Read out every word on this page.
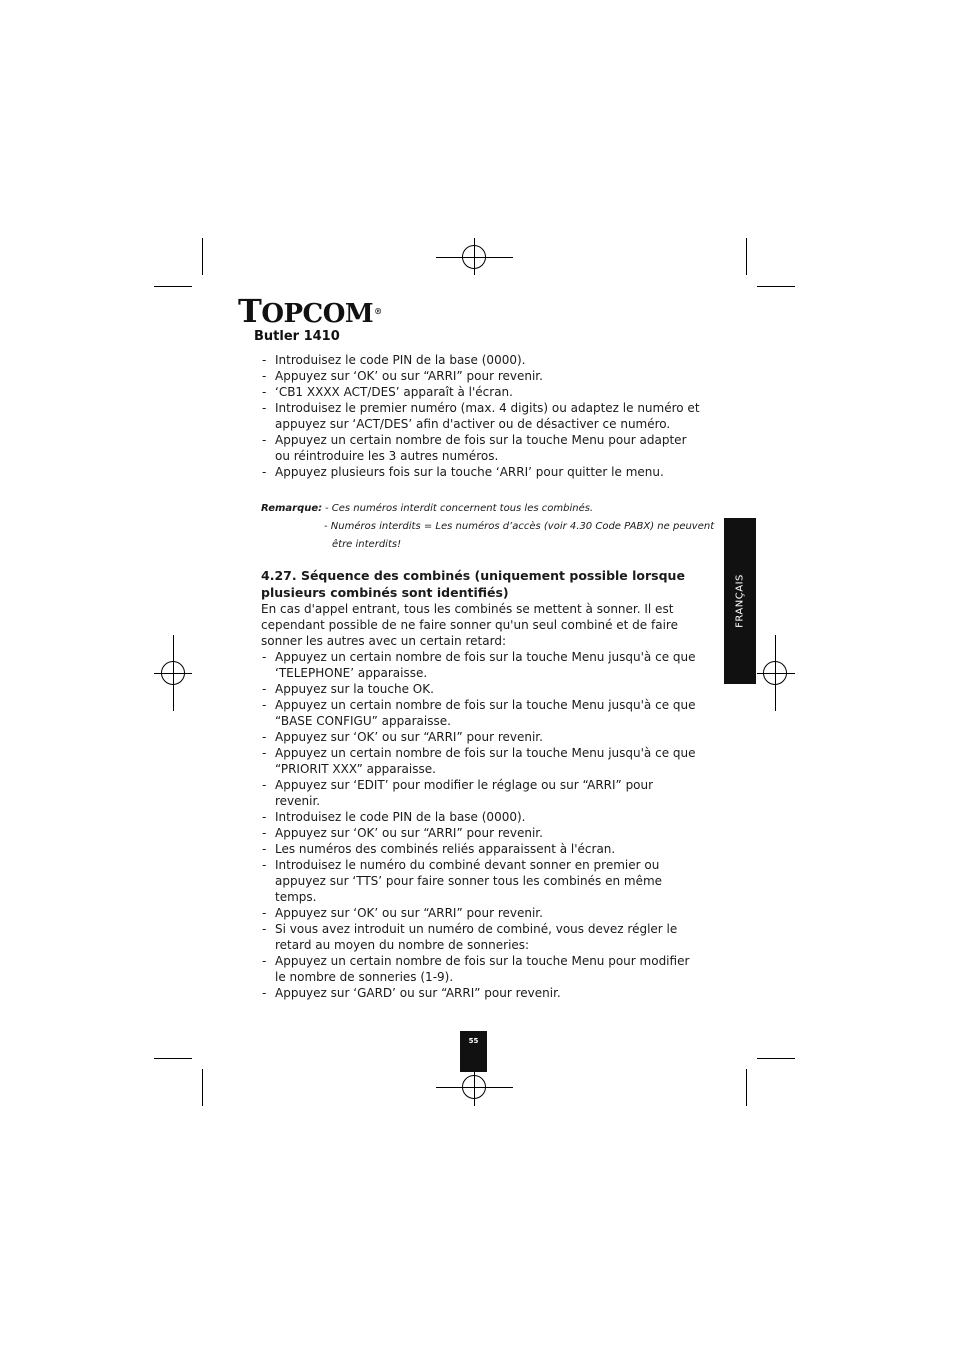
TOPCOM®
Butler 1410
- Introduisez le code PIN de la base (0000).
- Appuyez sur ‘OK’ ou sur “ARRI” pour revenir.
- ‘CB1 XXXX ACT/DES’ apparaît à l'écran.
- Introduisez le premier numéro (max. 4 digits) ou adaptez le numéro et appuyez sur ‘ACT/DES’ afin d'activer ou de désactiver ce numéro.
- Appuyez un certain nombre de fois sur la touche Menu pour adapter ou réintroduire les 3 autres numéros.
- Appuyez plusieurs fois sur la touche ‘ARRI’ pour quitter le menu.
Remarque: - Ces numéros interdit concernent tous les combinés.
- Numéros interdits = Les numéros d’accès (voir 4.30 Code PABX) ne peuvent
être interdits!
4.27. Séquence des combinés (uniquement possible lorsque plusieurs combinés sont identifiés)
En cas d'appel entrant, tous les combinés se mettent à sonner. Il est cependant possible de ne faire sonner qu'un seul combiné et de faire sonner les autres avec un certain retard:
- Appuyez un certain nombre de fois sur la touche Menu jusqu'à ce que ‘TELEPHONE’ apparaisse.
- Appuyez sur la touche OK.
- Appuyez un certain nombre de fois sur la touche Menu jusqu'à ce que “BASE CONFIGU” apparaisse.
- Appuyez sur ‘OK’ ou sur “ARRI” pour revenir.
- Appuyez un certain nombre de fois sur la touche Menu jusqu'à ce que “PRIORIT XXX” apparaisse.
- Appuyez sur ‘EDIT’ pour modifier le réglage ou sur “ARRI” pour revenir.
- Introduisez le code PIN de la base (0000).
- Appuyez sur ‘OK’ ou sur “ARRI” pour revenir.
- Les numéros des combinés reliés apparaissent à l'écran.
- Introduisez le numéro du combiné devant sonner en premier ou appuyez sur ‘TTS’ pour faire sonner tous les combinés en même temps.
- Appuyez sur ‘OK’ ou sur “ARRI” pour revenir.
- Si vous avez introduit un numéro de combiné, vous devez régler le retard au moyen du nombre de sonneries:
- Appuyez un certain nombre de fois sur la touche Menu pour modifier le nombre de sonneries (1-9).
- Appuyez sur ‘GARD’ ou sur “ARRI” pour revenir.
FRANÇAIS
55
